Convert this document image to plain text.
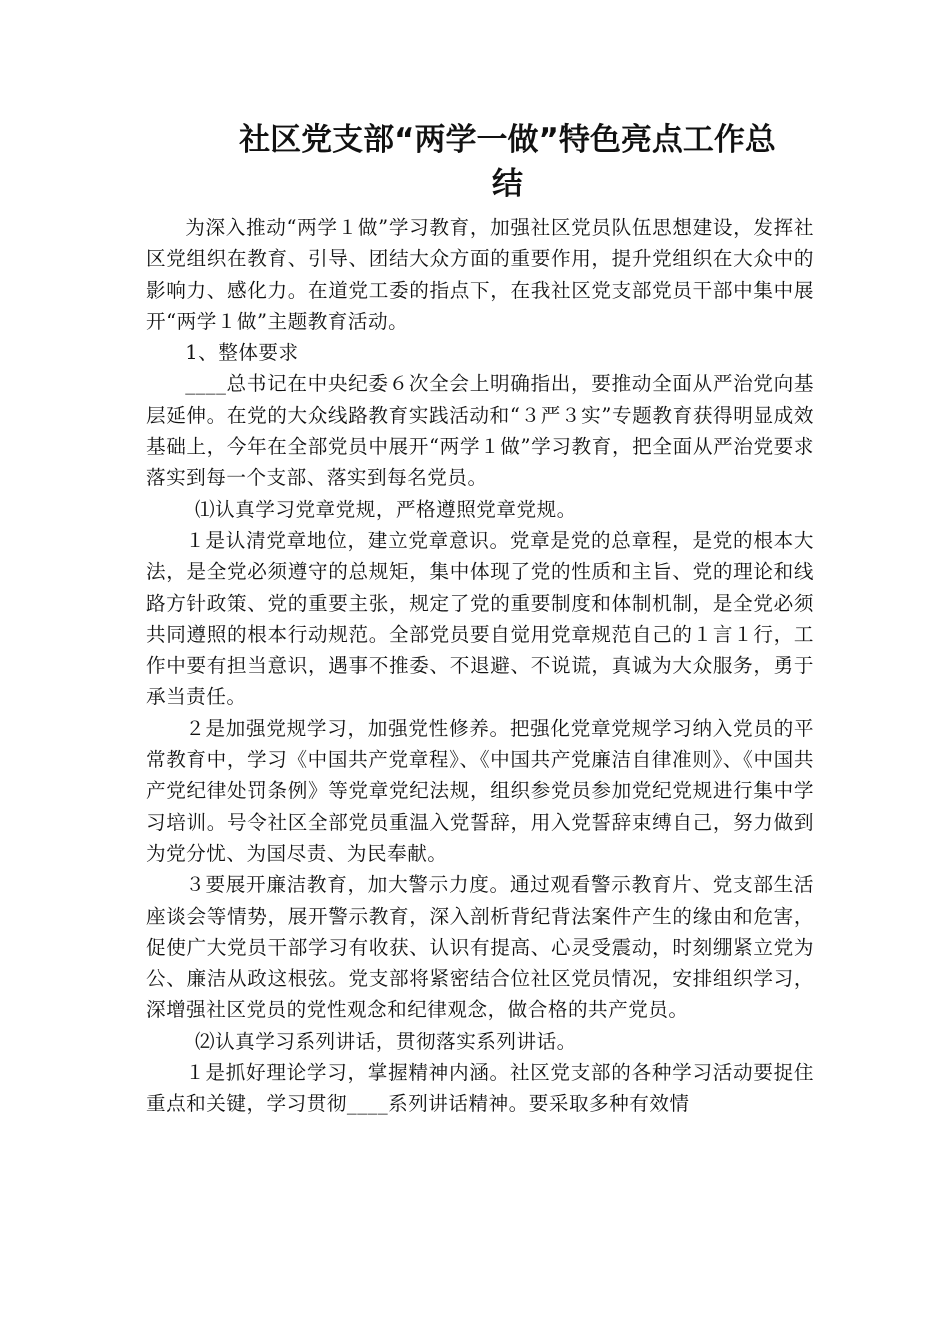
社区党支部“两学一做”特色亮点工作总
结

为深入推动“两学１做”学习教育，加强社区党员队伍思想建设，发挥社区党组织在教育、引导、团结大众方面的重要作用，提升党组织在大众中的影响力、感化力。在道党工委的指点下，在我社区党支部党员干部中集中展开“两学１做”主题教育活动。

1、整体要求

____总书记在中央纪委６次全会上明确指出，要推动全面从严治党向基层延伸。在党的大众线路教育实践活动和“３严３实”专题教育获得明显成效基础上，今年在全部党员中展开“两学１做”学习教育，把全面从严治党要求落实到每一个支部、落实到每名党员。

⑴认真学习党章党规，严格遵照党章党规。

１是认清党章地位，建立党章意识。党章是党的总章程，是党的根本大法，是全党必须遵守的总规矩，集中体现了党的性质和主旨、党的理论和线路方针政策、党的重要主张，规定了党的重要制度和体制机制，是全党必须共同遵照的根本行动规范。全部党员要自觉用党章规范自己的１言１行，工作中要有担当意识，遇事不推委、不退避、不说谎，真诚为大众服务，勇于承当责任。

２是加强党规学习，加强党性修养。把强化党章党规学习纳入党员的平常教育中，学习《中国共产党章程》、《中国共产党廉洁自律准则》、《中国共产党纪律处罚条例》等党章党纪法规，组织参党员参加党纪党规进行集中学习培训。号令社区全部党员重温入党誓辞，用入党誓辞束缚自己，努力做到为党分忧、为国尽责、为民奉献。

３要展开廉洁教育，加大警示力度。通过观看警示教育片、党支部生活座谈会等情势，展开警示教育，深入剖析背纪背法案件产生的缘由和危害，促使广大党员干部学习有收获、认识有提高、心灵受震动，时刻绷紧立党为公、廉洁从政这根弦。党支部将紧密结合位社区党员情况，安排组织学习，深增强社区党员的党性观念和纪律观念，做合格的共产党员。

⑵认真学习系列讲话，贯彻落实系列讲话。

１是抓好理论学习，掌握精神内涵。社区党支部的各种学习活动要捉住重点和关键，学习贯彻____系列讲话精神。要采取多种有效情
